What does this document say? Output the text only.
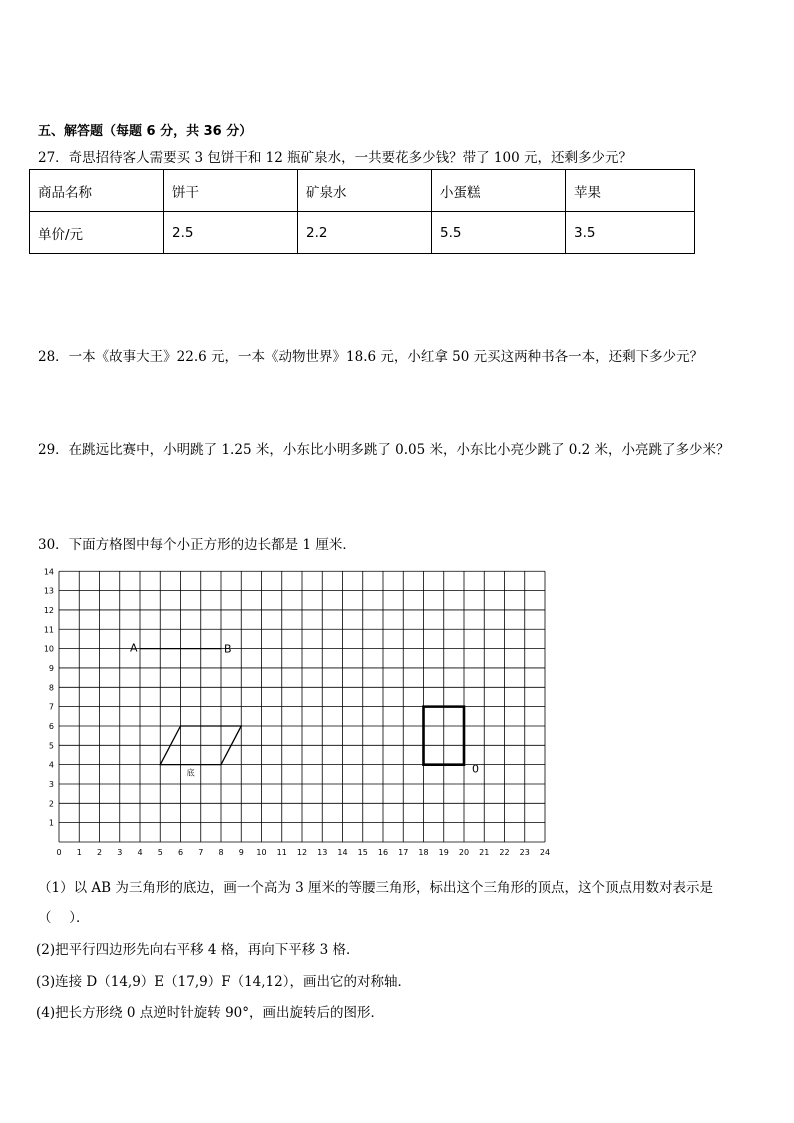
五、解答题（每题 6 分，共 36 分）
27．奇思招待客人需要买 3 包饼干和 12 瓶矿泉水，一共要花多少钱？带了 100 元，还剩多少元？
商品名称	饼干	矿泉水	小蛋糕	苹果
单价/元	2.5	2.2	5.5	3.5
28．一本《故事大王》22.6 元，一本《动物世界》18.6 元，小红拿 50 元买这两种书各一本，还剩下多少元？
29．在跳远比赛中，小明跳了 1.25 米，小东比小明多跳了 0.05 米，小东比小亮少跳了 0.2 米，小亮跳了多少米？
30．下面方格图中每个小正方形的边长都是 1 厘米．
0 1 2 3 4 5 6 7 8 9 10 11 12 13 14 15 16 17 18 19 20 21 22 23 24
1
2
3
4
5
6
7
8
9
10
11
12
13
14
A	B
底	0
（1）以 AB 为三角形的底边，画一个高为 3 厘米的等腰三角形，标出这个三角形的顶点，这个顶点用数对表示是
（　 ）．
(2)把平行四边形先向右平移 4 格，再向下平移 3 格．
(3)连接 D（14,9）E（17,9）F（14,12），画出它的对称轴．
(4)把长方形绕 0 点逆时针旋转 90°，画出旋转后的图形．
